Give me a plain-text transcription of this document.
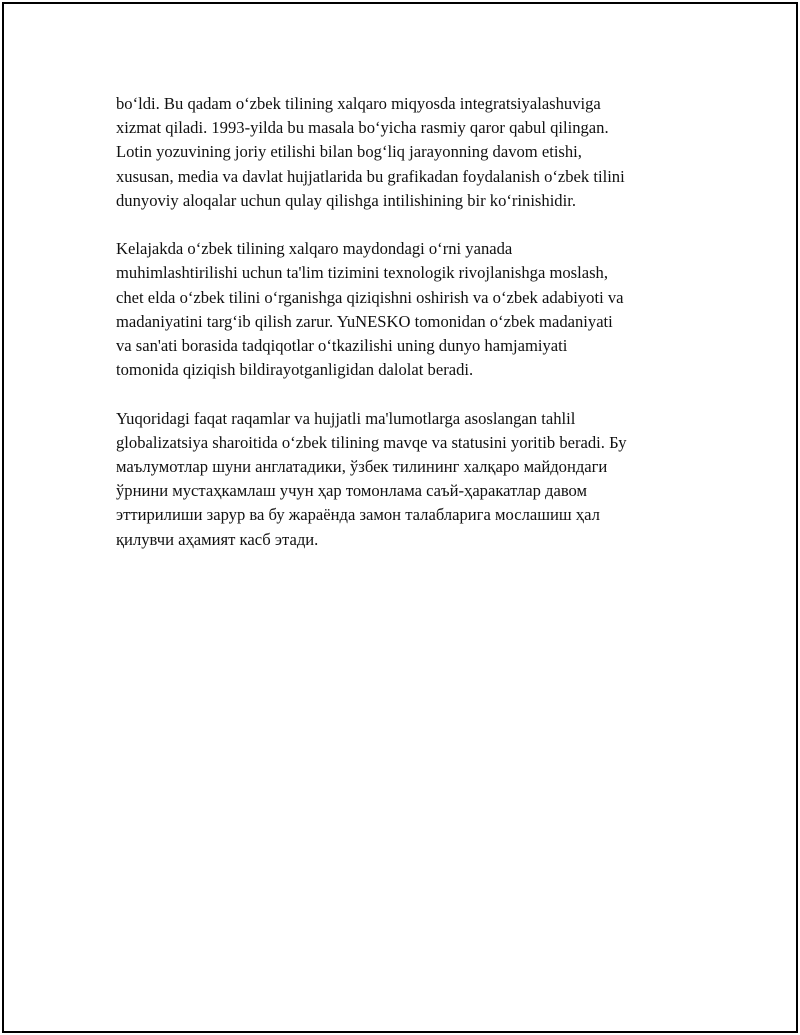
bo‘ldi. Bu qadam o‘zbek tilining xalqaro miqyosda integratsiyalashuviga
xizmat qiladi. 1993-yilda bu masala bo‘yicha rasmiy qaror qabul qilingan.
Lotin yozuvining joriy etilishi bilan bog‘liq jarayonning davom etishi,
xususan, media va davlat hujjatlarida bu grafikadan foydalanish o‘zbek tilini
dunyoviy aloqalar uchun qulay qilishga intilishining bir ko‘rinishidir.

Kelajakda o‘zbek tilining xalqaro maydondagi o‘rni yanada
muhimlashtirilishi uchun ta'lim tizimini texnologik rivojlanishga moslash,
chet elda o‘zbek tilini o‘rganishga qiziqishni oshirish va o‘zbek adabiyoti va
madaniyatini targ‘ib qilish zarur. YuNESKO tomonidan o‘zbek madaniyati
va san'ati borasida tadqiqotlar o‘tkazilishi uning dunyo hamjamiyati
tomonida qiziqish bildirayotganligidan dalolat beradi.

Yuqoridagi faqat raqamlar va hujjatli ma'lumotlarga asoslangan tahlil
globalizatsiya sharoitida o‘zbek tilining mavqe va statusini yoritib beradi. Бу
маълумотлар шуни англатадики, ўзбек тилининг халқаро майдондаги
ўрнини мустаҳкамлаш учун ҳар томонлама саъй-ҳаракатлар давом
эттирилиши зарур ва бу жараёнда замон талабларига мослашиш ҳал
қилувчи аҳамият касб этади.
